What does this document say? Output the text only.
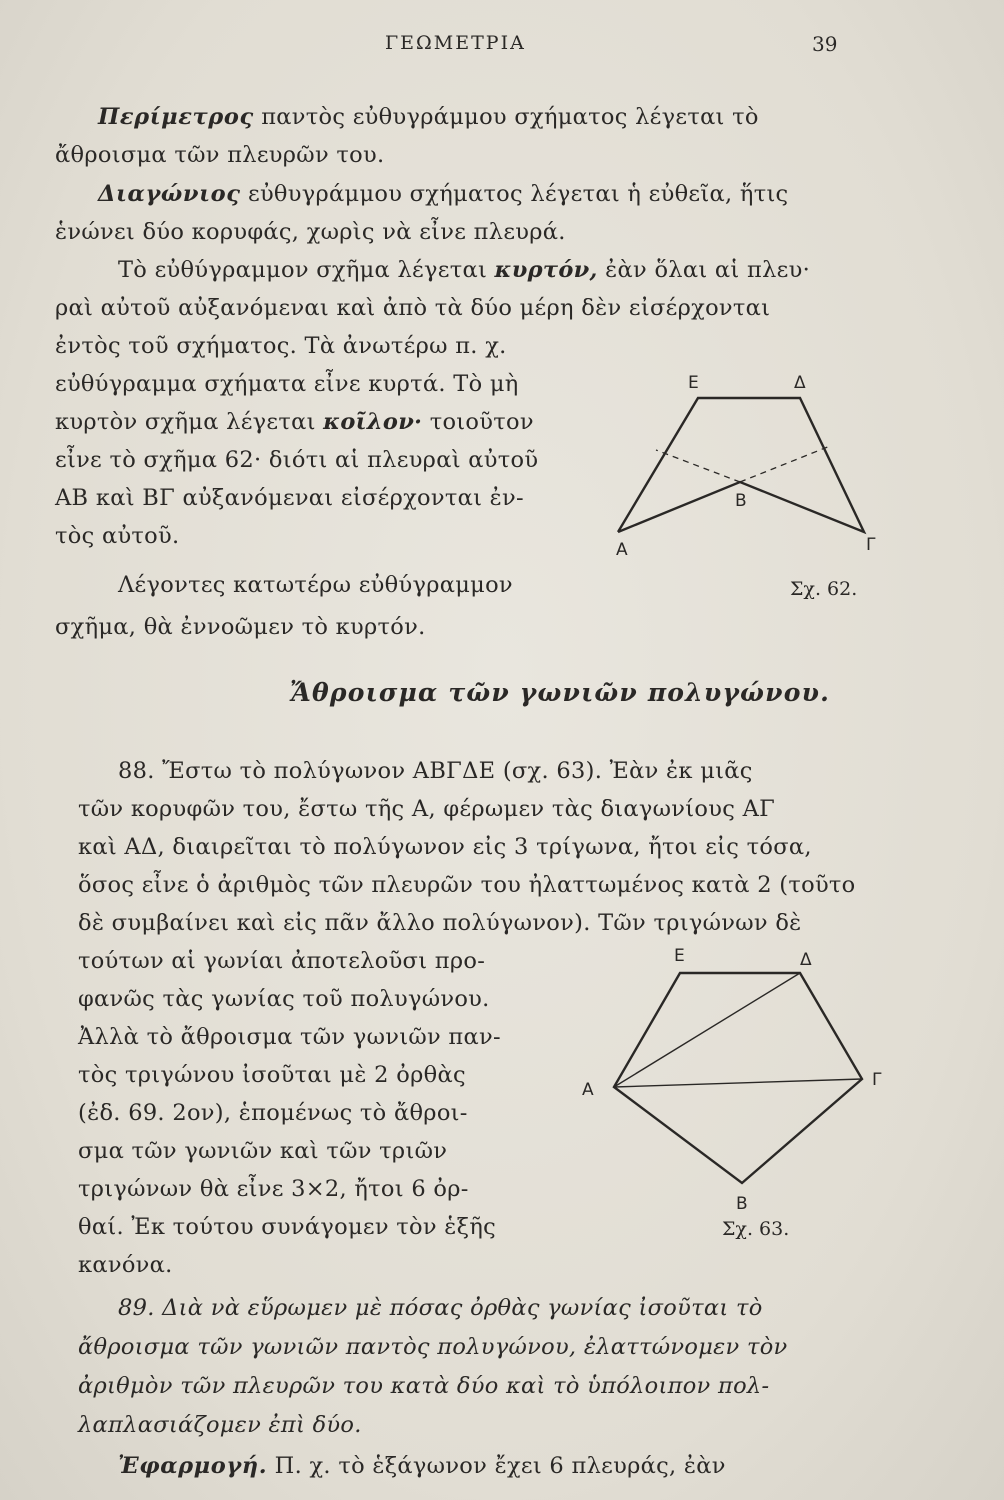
ΓΕΩΜΕΤΡΙΑ	39
Περίμετρος παντὸς εὐθυγράμμου σχήματος λέγεται τὸ
ἄθροισμα τῶν πλευρῶν του.
Διαγώνιος εὐθυγράμμου σχήματος λέγεται ἡ εὐθεῖα, ἥτις
ἑνώνει δύο κορυφάς, χωρὶς νὰ εἶνε πλευρά.
Τὸ εὐθύγραμμον σχῆμα λέγεται κυρτόν, ἐὰν ὅλαι αἱ πλευ·
ραὶ αὐτοῦ αὐξανόμεναι καὶ ἀπὸ τὰ δύο μέρη δὲν εἰσέρχονται
ἐντὸς τοῦ σχήματος. Τὰ ἀνωτέρω π. χ.
εὐθύγραμμα σχήματα εἶνε κυρτά. Τὸ μὴ
κυρτὸν σχῆμα λέγεται κοῖλον· τοιοῦτον
εἶνε τὸ σχῆμα 62· διότι αἱ πλευραὶ αὐτοῦ
ΑΒ καὶ ΒΓ αὐξανόμεναι εἰσέρχονται ἐν-
τὸς αὐτοῦ.
Ε	Δ
Β
Α	Γ
Λέγοντες κατωτέρω εὐθύγραμμον	Σχ. 62.
σχῆμα, θὰ ἐννοῶμεν τὸ κυρτόν.
Ἄθροισμα τῶν γωνιῶν πολυγώνου.
88. Ἔστω τὸ πολύγωνον ΑΒΓΔΕ (σχ. 63). Ἐὰν ἐκ μιᾶς
τῶν κορυφῶν του, ἔστω τῆς Α, φέρωμεν τὰς διαγωνίους ΑΓ
καὶ ΑΔ, διαιρεῖται τὸ πολύγωνον εἰς 3 τρίγωνα, ἤτοι εἰς τόσα,
ὅσος εἶνε ὁ ἀριθμὸς τῶν πλευρῶν του ἠλαττωμένος κατὰ 2 (τοῦτο
δὲ συμβαίνει καὶ εἰς πᾶν ἄλλο πολύγωνον). Τῶν τριγώνων δὲ
τούτων αἱ γωνίαι ἀποτελοῦσι προ-
φανῶς τὰς γωνίας τοῦ πολυγώνου.
Ἀλλὰ τὸ ἄθροισμα τῶν γωνιῶν παν-
τὸς τριγώνου ἰσοῦται μὲ 2 ὀρθὰς
(ἐδ. 69. 2ον), ἑπομένως τὸ ἄθροι-
σμα τῶν γωνιῶν καὶ τῶν τριῶν
τριγώνων θὰ εἶνε 3×2, ἤτοι 6 ὀρ-
θαί. Ἐκ τούτου συνάγομεν τὸν ἑξῆς
κανόνα.
Ε	Δ
Α	Γ
Β
Σχ. 63.
89. Διὰ νὰ εὕρωμεν μὲ πόσας ὀρθὰς γωνίας ἰσοῦται τὸ
ἄθροισμα τῶν γωνιῶν παντὸς πολυγώνου, ἐλαττώνομεν τὸν
ἀριθμὸν τῶν πλευρῶν του κατὰ δύο καὶ τὸ ὑπόλοιπον πολ-
λαπλασιάζομεν ἐπὶ δύο.
Ἐφαρμογή. Π. χ. τὸ ἑξάγωνον ἔχει 6 πλευράς, ἐὰν
